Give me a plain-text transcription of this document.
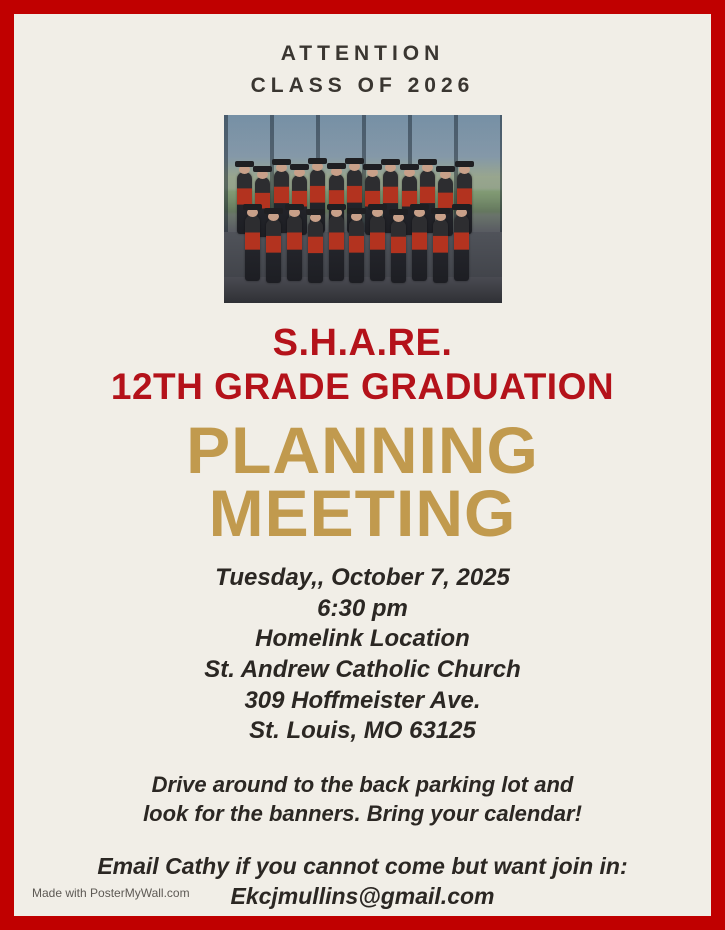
ATTENTION
CLASS OF 2026
S.H.A.RE.
12TH GRADE GRADUATION
PLANNING
MEETING
Tuesday,, October 7, 2025
6:30 pm
Homelink Location
St. Andrew Catholic Church
309 Hoffmeister Ave.
St. Louis, MO 63125
Drive around to the back parking lot and
look for the banners. Bring your calendar!
Email Cathy if you cannot come but want join in:
Ekcjmullins@gmail.com
Made with PosterMyWall.com
